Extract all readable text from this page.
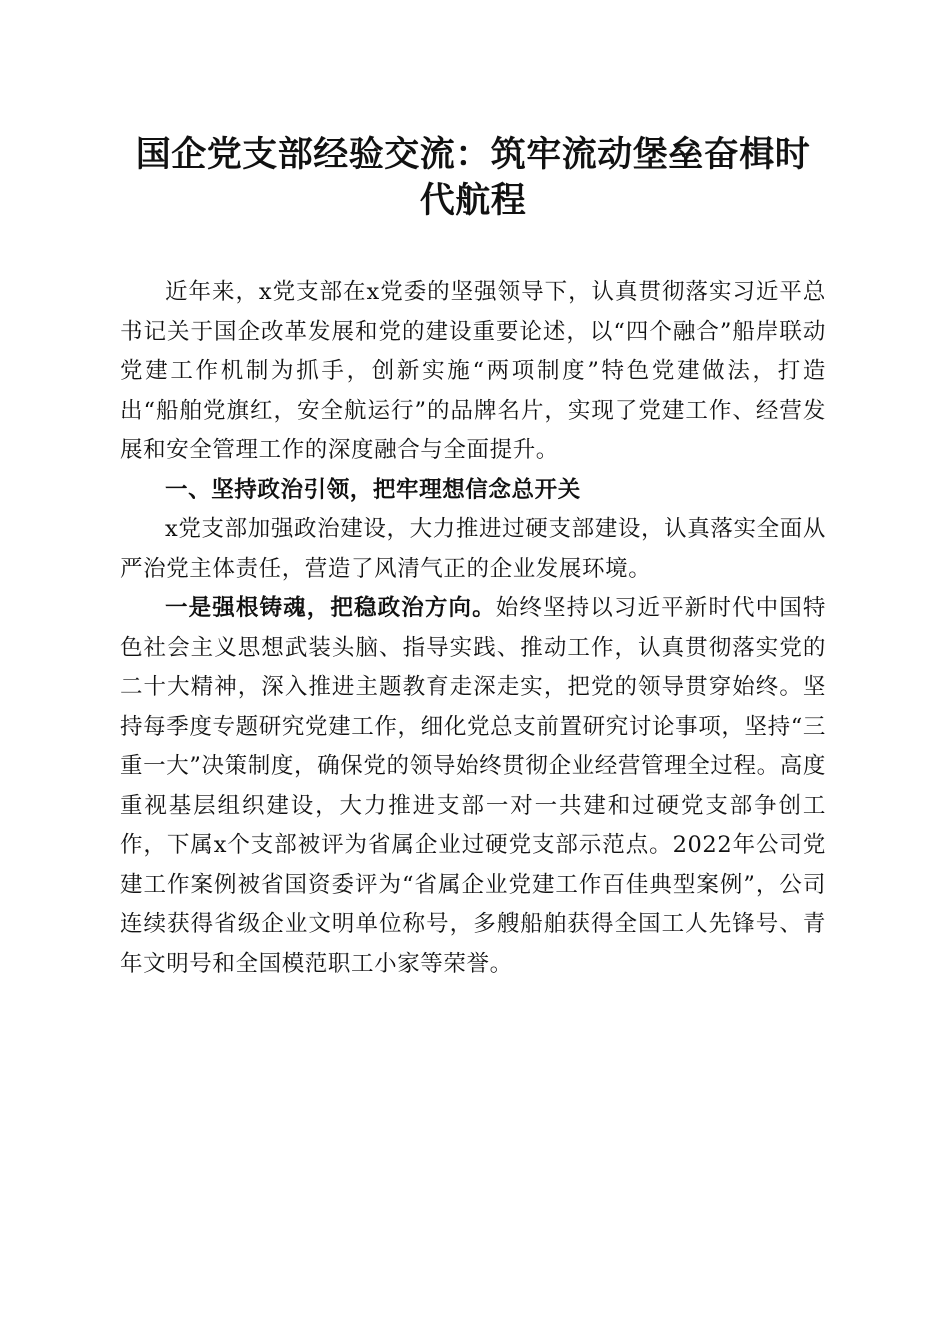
国企党支部经验交流：筑牢流动堡垒奋楫时代航程

近年来，x党支部在x党委的坚强领导下，认真贯彻落实习近平总书记关于国企改革发展和党的建设重要论述，以“四个融合”船岸联动党建工作机制为抓手，创新实施“两项制度”特色党建做法，打造出“船舶党旗红，安全航运行”的品牌名片，实现了党建工作、经营发展和安全管理工作的深度融合与全面提升。

一、坚持政治引领，把牢理想信念总开关

x党支部加强政治建设，大力推进过硬支部建设，认真落实全面从严治党主体责任，营造了风清气正的企业发展环境。

一是强根铸魂，把稳政治方向。始终坚持以习近平新时代中国特色社会主义思想武装头脑、指导实践、推动工作，认真贯彻落实党的二十大精神，深入推进主题教育走深走实，把党的领导贯穿始终。坚持每季度专题研究党建工作，细化党总支前置研究讨论事项，坚持“三重一大”决策制度，确保党的领导始终贯彻企业经营管理全过程。高度重视基层组织建设，大力推进支部一对一共建和过硬党支部争创工作，下属x个支部被评为省属企业过硬党支部示范点。2022年公司党建工作案例被省国资委评为“省属企业党建工作百佳典型案例”，公司连续获得省级企业文明单位称号，多艘船舶获得全国工人先锋号、青年文明号和全国模范职工小家等荣誉。
